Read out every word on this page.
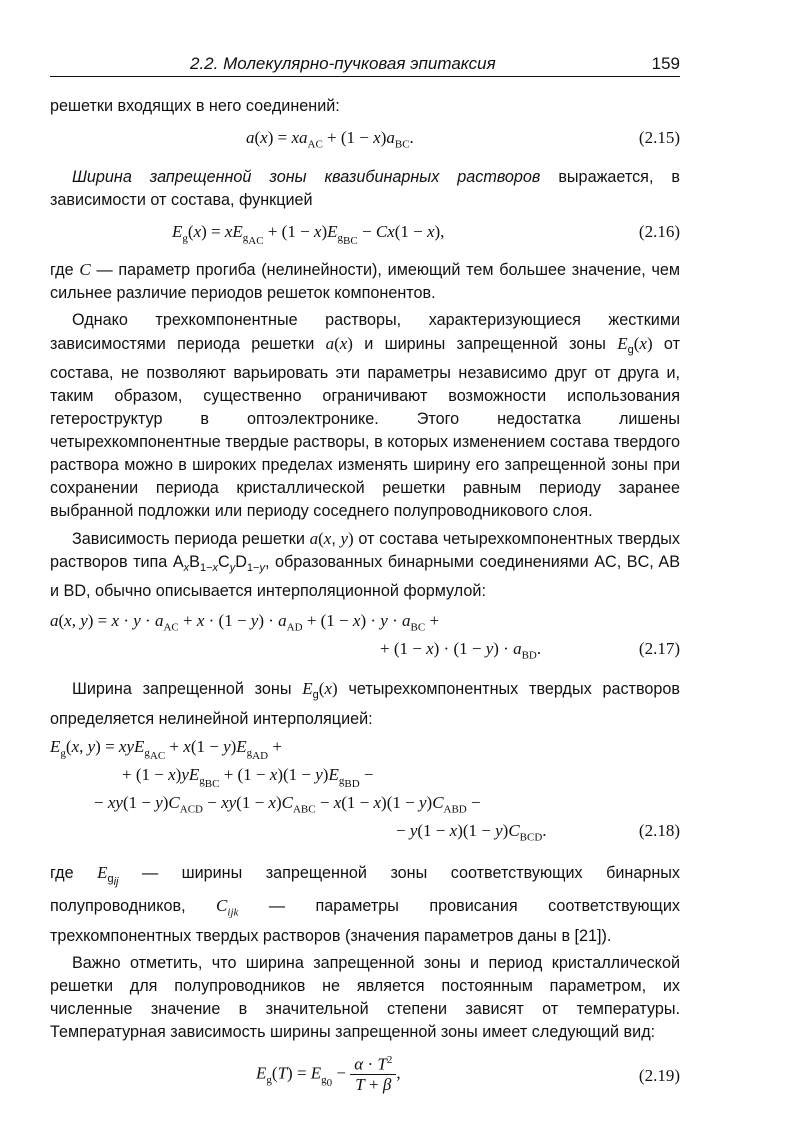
2.2. Молекулярно-пучковая эпитаксия	159

решетки входящих в него соединений:

$a(x) = xa_{AC} + (1 - x)a_{BC}$.	(2.15)

Ширина запрещенной зоны квазибинарных растворов выражается, в зависимости от состава, функцией

$E_g(x) = xE_{g_{AC}} + (1 - x)E_{g_{BC}} - Cx(1 - x)$,	(2.16)

где C — параметр прогиба (нелинейности), имеющий тем большее значение, чем сильнее различие периодов решеток компонентов.

Однако трехкомпонентные растворы, характеризующиеся жесткими зависимостями периода решетки a(x) и ширины запрещенной зоны $E_g(x)$ от состава, не позволяют варьировать эти параметры независимо друг от друга и, таким образом, существенно ограничивают возможности использования гетероструктур в оптоэлектронике. Этого недостатка лишены четырехкомпонентные твердые растворы, в которых изменением состава твердого раствора можно в широких пределах изменять ширину его запрещенной зоны при сохранении периода кристаллической решетки равным периоду заранее выбранной подложки или периоду соседнего полупроводникового слоя.

Зависимость периода решетки a(x, y) от состава четырехкомпонентных твердых растворов типа $A_xB_{1-x}C_yD_{1-y}$, образованных бинарными соединениями AC, BC, AB и BD, обычно описывается интерполяционной формулой:

a(x, $y) = x \cdot y \cdot a_{AC} + x \cdot (1 - y) \cdot a_{AD} + (1 - x) \cdot y \cdot a_{BC}$ +
+ $(1 - x) \cdot (1 - y) \cdot a_{BD}$.	(2.17)

Ширина запрещенной зоны $E_g(x)$ четырехкомпонентных твердых растворов определяется нелинейной интерполяцией:

$E_g(x$, $y) = xyE_{g_{AC}} + x(1 - y)E_{g_{AD}}$ +
+ $(1 - x)yE_{g_{BC}} + (1 - x)(1 - y)E_{g_{BD}}$ −
− $xy(1 - y)C_{ACD} - xy(1 - x)C_{ABC} - x(1 - x)(1 - y)C_{ABD}$ −
− $y(1 - x)(1 - y)C_{BCD}$.	(2.18)

где $E_{g_{ij}}$ — ширины запрещенной зоны соответствующих бинарных полупроводников, $C_{ijk}$ — параметры провисания соответствующих трехкомпонентных твердых растворов (значения параметров даны в [21]).

Важно отметить, что ширина запрещенной зоны и период кристаллической решетки для полупроводников не является постоянным параметром, их численные значение в значительной степени зависят от температуры. Температурная зависимость ширины запрещенной зоны имеет следующий вид:

$E_g(T) = E_{g_0} - \frac{\alpha \cdot T^2}{T + \beta}$ ,	(2.19)
